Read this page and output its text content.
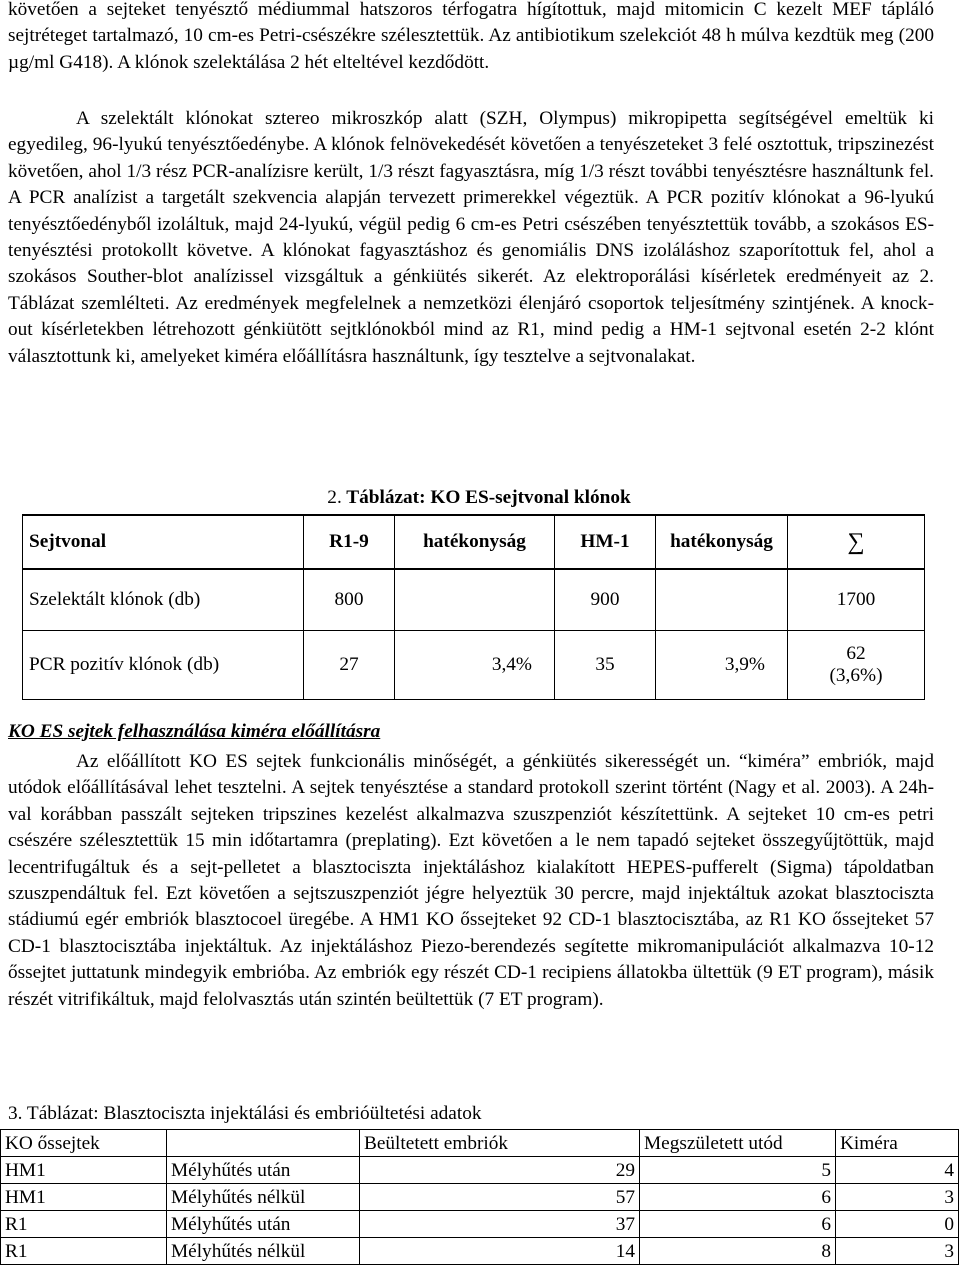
követően a sejteket tenyésztő médiummal hatszoros térfogatra hígítottuk, majd mitomicin C kezelt MEF tápláló sejtréteget tartalmazó, 10 cm-es Petri-csészékre szélesztettük. Az antibiotikum szelekciót 48 h múlva kezdtük meg (200 µg/ml G418). A klónok szelektálása 2 hét elteltével kezdődött.

A szelektált klónokat sztereo mikroszkóp alatt (SZH, Olympus) mikropipetta segítségével emeltük ki egyedileg, 96-lyukú tenyésztőedénybe. A klónok felnövekedését követően a tenyészeteket 3 felé osztottuk, tripszinezést követően, ahol 1/3 rész PCR-analízisre került, 1/3 részt fagyasztásra, míg 1/3 részt további tenyésztésre használtunk fel. A PCR analízist a targetált szekvencia alapján tervezett primerekkel végeztük. A PCR pozitív klónokat a 96-lyukú tenyésztőedényből izoláltuk, majd 24-lyukú, végül pedig 6 cm-es Petri csészében tenyésztettük tovább, a szokásos ES-tenyésztési protokollt követve. A klónokat fagyasztáshoz és genomiális DNS izoláláshoz szaporítottuk fel, ahol a szokásos Souther-blot analízissel vizsgáltuk a génkiütés sikerét. Az elektroporálási kísérletek eredményeit az 2. Táblázat szemlélteti. Az eredmények megfelelnek a nemzetközi élenjáró csoportok teljesítmény szintjének. A knock-out kísérletekben létrehozott génkiütött sejtklónokból mind az R1, mind pedig a HM-1 sejtvonal esetén 2-2 klónt választottunk ki, amelyeket kiméra előállításra használtunk, így tesztelve a sejtvonalakat.

2. Táblázat: KO ES-sejtvonal klónok

Sejtvonal	R1-9	hatékonyság	HM-1	hatékonyság	∑
Szelektált klónok (db)	800		900		1700
PCR pozitív klónok (db)	27	3,4%	35	3,9%	62
(3,6%)

KO ES sejtek felhasználása kiméra előállításra

Az előállított KO ES sejtek funkcionális minőségét, a génkiütés sikerességét un. “kiméra” embriók, majd utódok előállításával lehet tesztelni. A sejtek tenyésztése a standard protokoll szerint történt (Nagy et al. 2003). A 24h-val korábban passzált sejteken tripszines kezelést alkalmazva szuszpenziót készítettünk. A sejteket 10 cm-es petri csészére szélesztettük 15 min időtartamra (preplating). Ezt követően a le nem tapadó sejteket összegyűjtöttük, majd lecentrifugáltuk és a sejt-pelletet a blasztociszta injektáláshoz kialakított HEPES-pufferelt (Sigma) tápoldatban szuszpendáltuk fel. Ezt követően a sejtszuszpenziót jégre helyeztük 30 percre, majd injektáltuk azokat blasztociszta stádiumú egér embriók blasztocoel üregébe. A HM1 KO őssejteket 92 CD-1 blasztocisztába, az R1 KO őssejteket 57 CD-1 blasztocisztába injektáltuk. Az injektáláshoz Piezo-berendezés segítette mikromanipulációt alkalmazva 10-12 őssejtet juttatunk mindegyik embrióba. Az embriók egy részét CD-1 recipiens állatokba ültettük (9 ET program), másik részét vitrifikáltuk, majd felolvasztás után szintén beültettük (7 ET program).

3. Táblázat: Blasztociszta injektálási és embrióültetési adatok

KO őssejtek		Beültetett embriók	Megszületett utód	Kiméra
HM1	Mélyhűtés után	29	5	4
HM1	Mélyhűtés nélkül	57	6	3
R1	Mélyhűtés után	37	6	0
R1	Mélyhűtés nélkül	14	8	3
